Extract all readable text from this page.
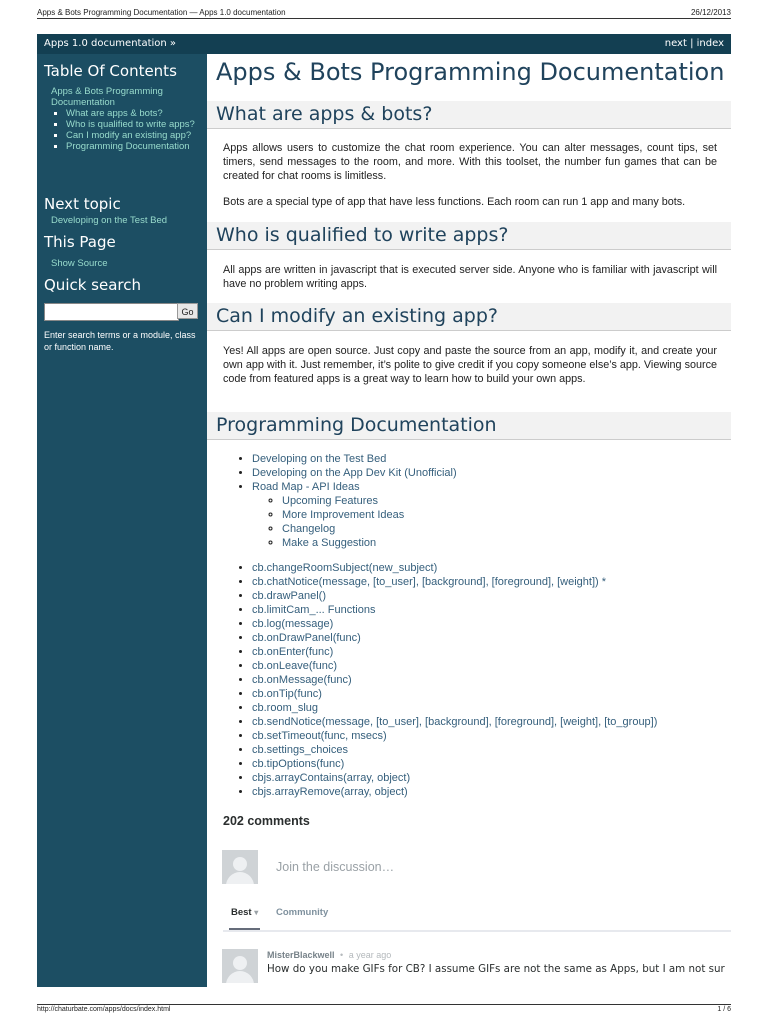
Apps & Bots Programming Documentation — Apps 1.0 documentation	26/12/2013
Apps 1.0 documentation »	next | index
Table Of Contents
Apps & Bots Programming Documentation
▪ What are apps & bots?
▪ Who is qualified to write apps?
▪ Can I modify an existing app?
▪ Programming Documentation
Next topic
Developing on the Test Bed
This Page
Show Source
Quick search
Go
Enter search terms or a module, class or function name.
Apps & Bots Programming Documentation
What are apps & bots?
Apps allows users to customize the chat room experience. You can alter messages, count tips, set timers, send messages to the room, and more. With this toolset, the number fun games that can be created for chat rooms is limitless.
Bots are a special type of app that have less functions. Each room can run 1 app and many bots.
Who is qualified to write apps?
All apps are written in javascript that is executed server side. Anyone who is familiar with javascript will have no problem writing apps.
Can I modify an existing app?
Yes! All apps are open source. Just copy and paste the source from an app, modify it, and create your own app with it. Just remember, it’s polite to give credit if you copy someone else’s app. Viewing source code from featured apps is a great way to learn how to build your own apps.
Programming Documentation
• Developing on the Test Bed
• Developing on the App Dev Kit (Unofficial)
• Road Map - API Ideas
◦ Upcoming Features
◦ More Improvement Ideas
◦ Changelog
◦ Make a Suggestion
• cb.changeRoomSubject(new_subject)
• cb.chatNotice(message, [to_user], [background], [foreground], [weight]) *
• cb.drawPanel()
• cb.limitCam_... Functions
• cb.log(message)
• cb.onDrawPanel(func)
• cb.onEnter(func)
• cb.onLeave(func)
• cb.onMessage(func)
• cb.onTip(func)
• cb.room_slug
• cb.sendNotice(message, [to_user], [background], [foreground], [weight], [to_group])
• cb.setTimeout(func, msecs)
• cb.settings_choices
• cb.tipOptions(func)
• cbjs.arrayContains(array, object)
• cbjs.arrayRemove(array, object)
202 comments
Join the discussion…
Best ▾ Community
MisterBlackwell • a year ago
How do you make GIFs for CB? I assume GIFs are not the same as Apps, but I am not sur
http://chaturbate.com/apps/docs/index.html	1 / 6
